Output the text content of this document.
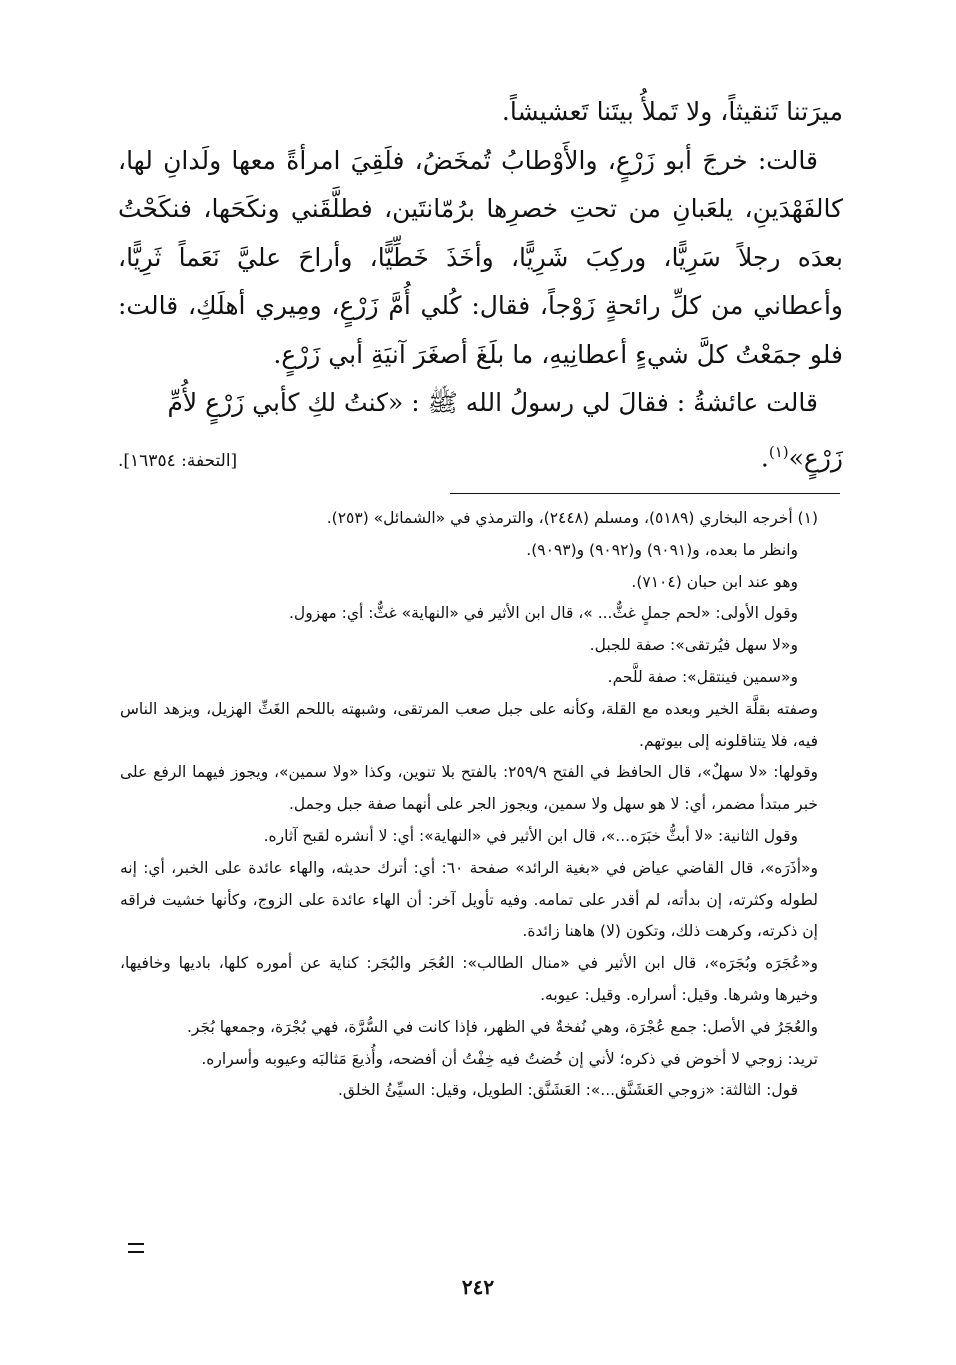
ميرَتنا تَنقيثاً، ولا تَملأُ بيتَنا تَعشيشاً.

قالت: خرجَ أبو زَرْعٍ، والأَوْطابُ تُمخَضُ، فلَقِيَ امرأةً معها ولَدانِ لها، كالفَهْدَينِ، يلعَبانِ من تحتِ خصرِها برُمّانتَين، فطلَّقَني ونكَحَها، فنكَحْتُ بعدَه رجلاً سَرِيًّا، وركِبَ شَرِيًّا، وأخَذَ خَطِّيًّا، وأراحَ عليَّ نَعَماً ثَرِيًّا، وأعطاني من كلِّ رائحةٍ زَوْجاً، فقال: كُلي أُمَّ زَرْعٍ، ومِيري أهلَكِ، قالت: فلو جمَعْتُ كلَّ شيءٍ أعطانِيهِ، ما بلَغَ أصغَرَ آنيَةِ أبي زَرْعٍ.

قالت عائشةُ : فقالَ لي رسولُ الله ﷺ : «كنتُ لكِ كأبي زَرْعٍ لأُمِّ

زَرْعٍ»$^{(١)}$.
[التحفة: ١٦٣٥٤].

(١) أخرجه البخاري (٥١٨٩)، ومسلم (٢٤٤٨)، والترمذي في «الشمائل» (٢٥٣).

وانظر ما بعده، و(٩٠٩١) و(٩٠٩٢) و(٩٠٩٣).

وهو عند ابن حبان (٧١٠٤).

وقول الأولى: «لحم جملٍ غثٌّ... »، قال ابن الأثير في «النهاية» غثٌّ: أي: مهزول.

و«لا سهل فيُرتقى»: صفة للجبل.

و«سمين فينتقل»: صفة للَّحم.

وصفته بقلَّة الخير وبعده مع القلة، وكأنه على جبل صعب المرتقى، وشبهته باللحم الغَثِّ الهزيل، ويزهد الناس فيه، فلا يتناقلونه إلى بيوتهم.

وقولها: «لا سهلٌ»، قال الحافظ في الفتح ٢٥٩/٩: بالفتح بلا تنوين، وكذا «ولا سمين»، ويجوز فيهما الرفع على خبر مبتدأ مضمر، أي: لا هو سهل ولا سمين، ويجوز الجر على أنهما صفة جبل وجمل.

وقول الثانية: «لا أبثُّ خبَرَه...»، قال ابن الأثير في «النهاية»: أي: لا أنشره لقبح آثاره.

و«أذَرَه»، قال القاضي عياض في «بغية الرائد» صفحة ٦٠: أي: أترك حديثه، والهاء عائدة على الخبر، أي: إنه لطوله وكثرته، إن بدأته، لم أقدر على تمامه. وفيه تأويل آخر: أن الهاء عائدة على الزوج، وكأنها خشيت فراقه إن ذكرته، وكرهت ذلك، وتكون (لا) هاهنا زائدة.

و«عُجَرَه وبُجَرَه»، قال ابن الأثير في «منال الطالب»: العُجَر والبُجَر: كناية عن أموره كلها، باديها وخافيها، وخيرها وشرها. وقيل: أسراره. وقيل: عيوبه.

والعُجَرُ في الأصل: جمع عُجْرَة، وهي نُفخةٌ في الظهر، فإذا كانت في السُّرَّة، فهي بُجْرَة، وجمعها بُجَر.

تريد: زوجي لا أخوض في ذكره؛ لأني إن خُضتُ فيه خِفْتُ أن أفضحه، وأُذيعَ مَثالبَه وعيوبه وأسراره.

قول: الثالثة: «زوجي العَشَنَّق...»: العَشَنَّق: الطويل، وقيل: السيِّئُ الخلق.

٢٤٢
